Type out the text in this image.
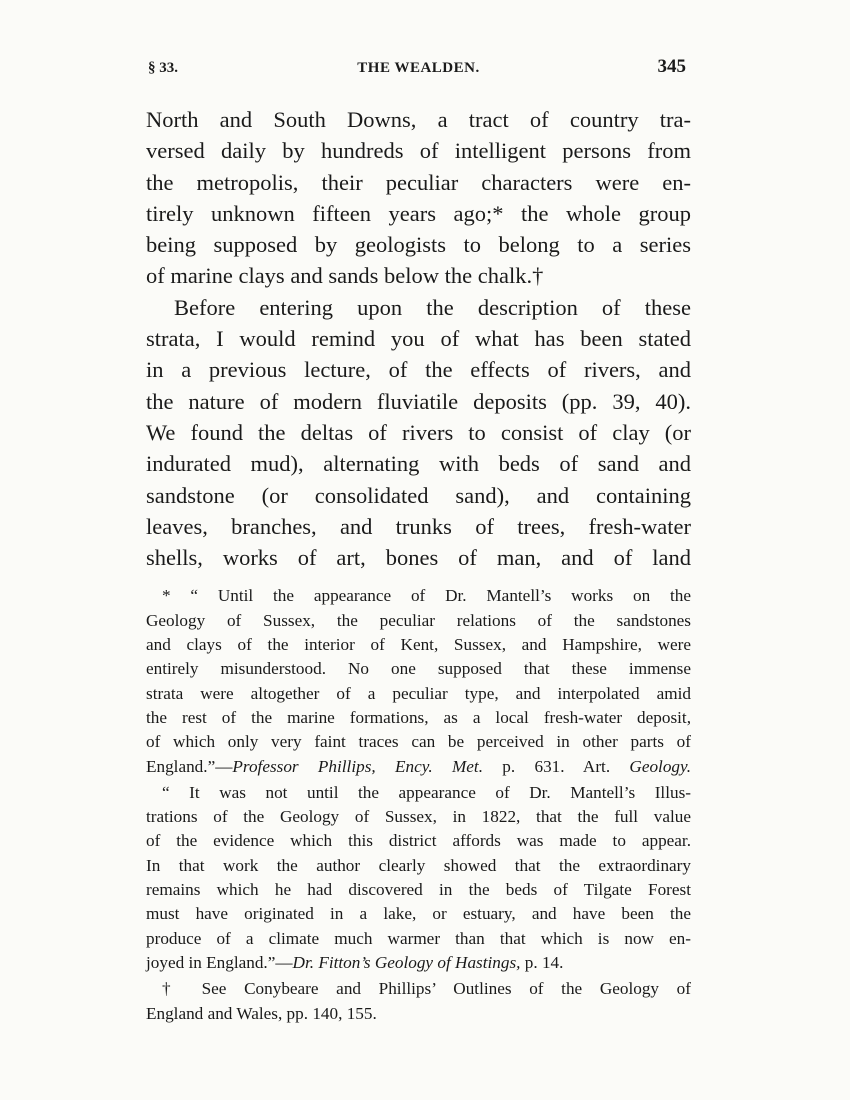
§ 33.	THE WEALDEN.	345
North and South Downs, a tract of country tra-
versed daily by hundreds of intelligent persons from
the metropolis, their peculiar characters were en-
tirely unknown fifteen years ago;* the whole group
being supposed by geologists to belong to a series
of marine clays and sands below the chalk.†
Before entering upon the description of these
strata, I would remind you of what has been stated
in a previous lecture, of the effects of rivers, and
the nature of modern fluviatile deposits (pp. 39, 40).
We found the deltas of rivers to consist of clay (or
indurated mud), alternating with beds of sand and
sandstone (or consolidated sand), and containing
leaves, branches, and trunks of trees, fresh-water
shells, works of art, bones of man, and of land
* “ Until the appearance of Dr. Mantell’s works on the
Geology of Sussex, the peculiar relations of the sandstones
and clays of the interior of Kent, Sussex, and Hampshire, were
entirely misunderstood. No one supposed that these immense
strata were altogether of a peculiar type, and interpolated amid
the rest of the marine formations, as a local fresh-water deposit,
of which only very faint traces can be perceived in other parts of
England.”—Professor Phillips, Ency. Met. p. 631. Art. Geology.
“ It was not until the appearance of Dr. Mantell’s Illus-
trations of the Geology of Sussex, in 1822, that the full value
of the evidence which this district affords was made to appear.
In that work the author clearly showed that the extraordinary
remains which he had discovered in the beds of Tilgate Forest
must have originated in a lake, or estuary, and have been the
produce of a climate much warmer than that which is now en-
joyed in England.”—Dr. Fitton’s Geology of Hastings, p. 14.
† See Conybeare and Phillips’ Outlines of the Geology of
England and Wales, pp. 140, 155.
